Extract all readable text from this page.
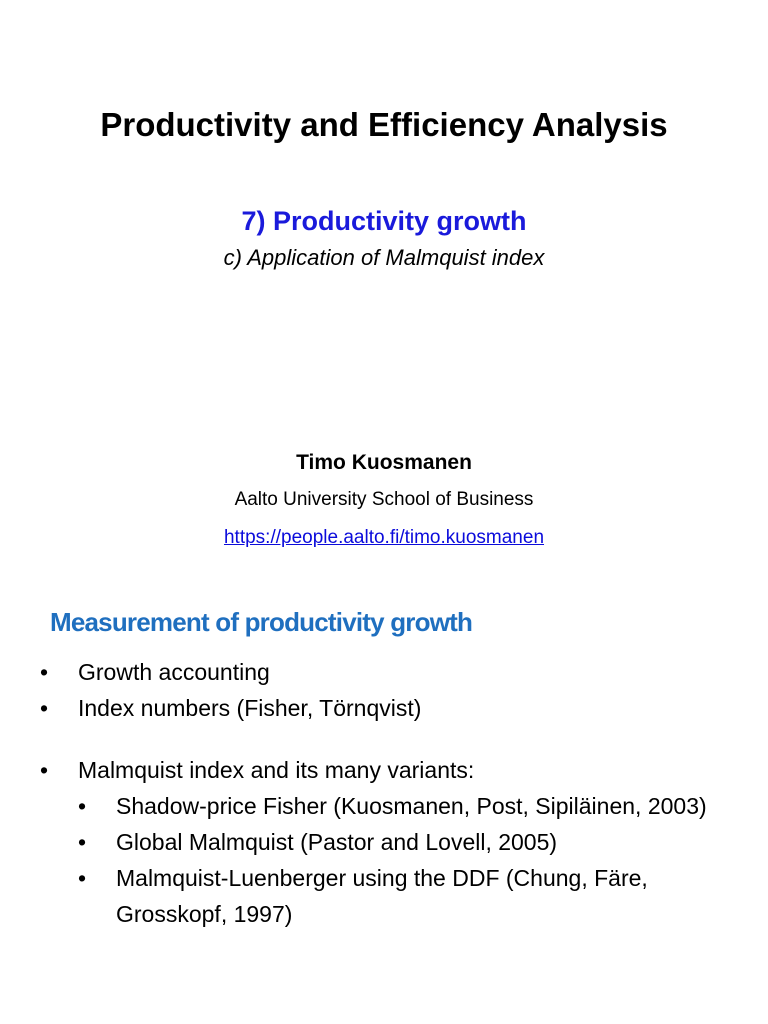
Productivity and Efficiency Analysis
7) Productivity growth
c) Application of Malmquist index
Timo Kuosmanen
Aalto University School of Business
https://people.aalto.fi/timo.kuosmanen
Measurement of productivity growth
• Growth accounting
• Index numbers (Fisher, Törnqvist)
• Malmquist index and its many variants:
• Shadow-price Fisher (Kuosmanen, Post, Sipiläinen, 2003)
• Global Malmquist (Pastor and Lovell, 2005)
• Malmquist-Luenberger using the DDF (Chung, Färe, Grosskopf, 1997)
